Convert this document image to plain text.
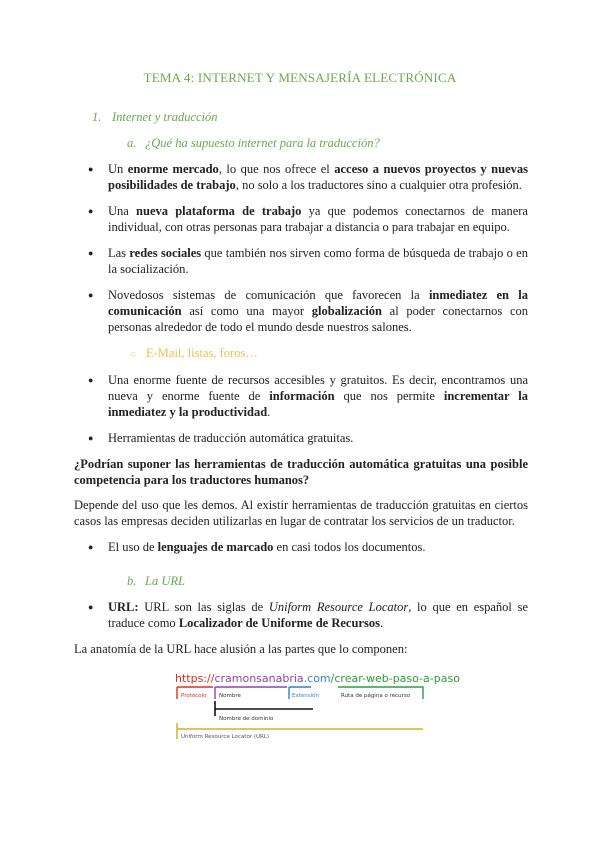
TEMA 4: INTERNET Y MENSAJERÍA ELECTRÓNICA
1. Internet y traducción
a. ¿Qué ha supuesto internet para la traducción?
● Un enorme mercado, lo que nos ofrece el acceso a nuevos proyectos y nuevas posibilidades de trabajo, no solo a los traductores sino a cualquier otra profesión.
● Una nueva plataforma de trabajo ya que podemos conectarnos de manera individual, con otras personas para trabajar a distancia o para trabajar en equipo.
● Las redes sociales que también nos sirven como forma de búsqueda de trabajo o en la socialización.
● Novedosos sistemas de comunicación que favorecen la inmediatez en la comunicación así como una mayor globalización al poder conectarnos con personas alrededor de todo el mundo desde nuestros salones.
○ E-Mail, listas, foros…
● Una enorme fuente de recursos accesibles y gratuitos. Es decir, encontramos una nueva y enorme fuente de información que nos permite incrementar la inmediatez y la productividad.
● Herramientas de traducción automática gratuitas.
¿Podrían suponer las herramientas de traducción automática gratuitas una posible competencia para los traductores humanos?
Depende del uso que les demos. Al existir herramientas de traducción gratuitas en ciertos casos las empresas deciden utilizarlas en lugar de contratar los servicios de un traductor.
● El uso de lenguajes de marcado en casi todos los documentos.
b. La URL
● URL: URL son las siglas de Uniform Resource Locator, lo que en español se traduce como Localizador de Uniforme de Recursos.
La anatomía de la URL hace alusión a las partes que lo componen:
https://cramonsanabria.com/crear-web-paso-a-paso
Protocolo Nombre	Extensión	Ruta de página o recurso
Nombre de dominio
Uniform Resource Locator (URL)
